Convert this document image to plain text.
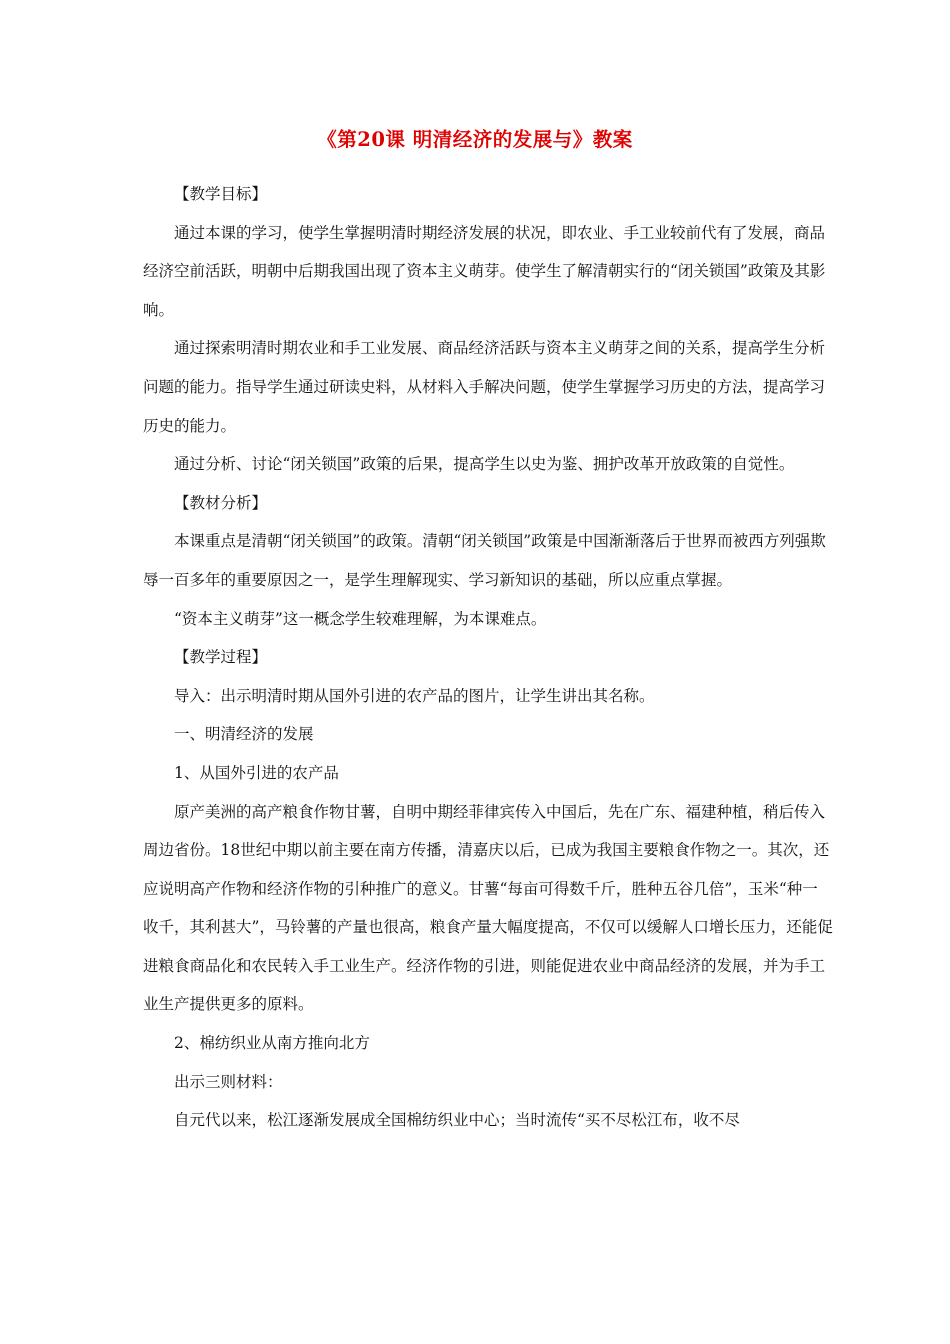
《第20课 明清经济的发展与》教案

【教学目标】

通过本课的学习，使学生掌握明清时期经济发展的状况，即农业、手工业较前代有了发展，商品经济空前活跃，明朝中后期我国出现了资本主义萌芽。使学生了解清朝实行的“闭关锁国”政策及其影响。

通过探索明清时期农业和手工业发展、商品经济活跃与资本主义萌芽之间的关系，提高学生分析问题的能力。指导学生通过研读史料，从材料入手解决问题，使学生掌握学习历史的方法，提高学习历史的能力。

通过分析、讨论“闭关锁国”政策的后果，提高学生以史为鉴、拥护改革开放政策的自觉性。

【教材分析】

本课重点是清朝“闭关锁国”的政策。清朝“闭关锁国”政策是中国渐渐落后于世界而被西方列强欺辱一百多年的重要原因之一，是学生理解现实、学习新知识的基础，所以应重点掌握。

“资本主义萌芽”这一概念学生较难理解，为本课难点。

【教学过程】

导入：出示明清时期从国外引进的农产品的图片，让学生讲出其名称。

一、明清经济的发展

1、从国外引进的农产品

原产美洲的高产粮食作物甘薯，自明中期经菲律宾传入中国后，先在广东、福建种植，稍后传入周边省份。18世纪中期以前主要在南方传播，清嘉庆以后，已成为我国主要粮食作物之一。其次，还应说明高产作物和经济作物的引种推广的意义。甘薯“每亩可得数千斤，胜种五谷几倍”，玉米“种一收千，其利甚大”，马铃薯的产量也很高，粮食产量大幅度提高，不仅可以缓解人口增长压力，还能促进粮食商品化和农民转入手工业生产。经济作物的引进，则能促进农业中商品经济的发展，并为手工业生产提供更多的原料。

2、棉纺织业从南方推向北方

出示三则材料：

自元代以来，松江逐渐发展成全国棉纺织业中心；当时流传“买不尽松江布，收不尽
